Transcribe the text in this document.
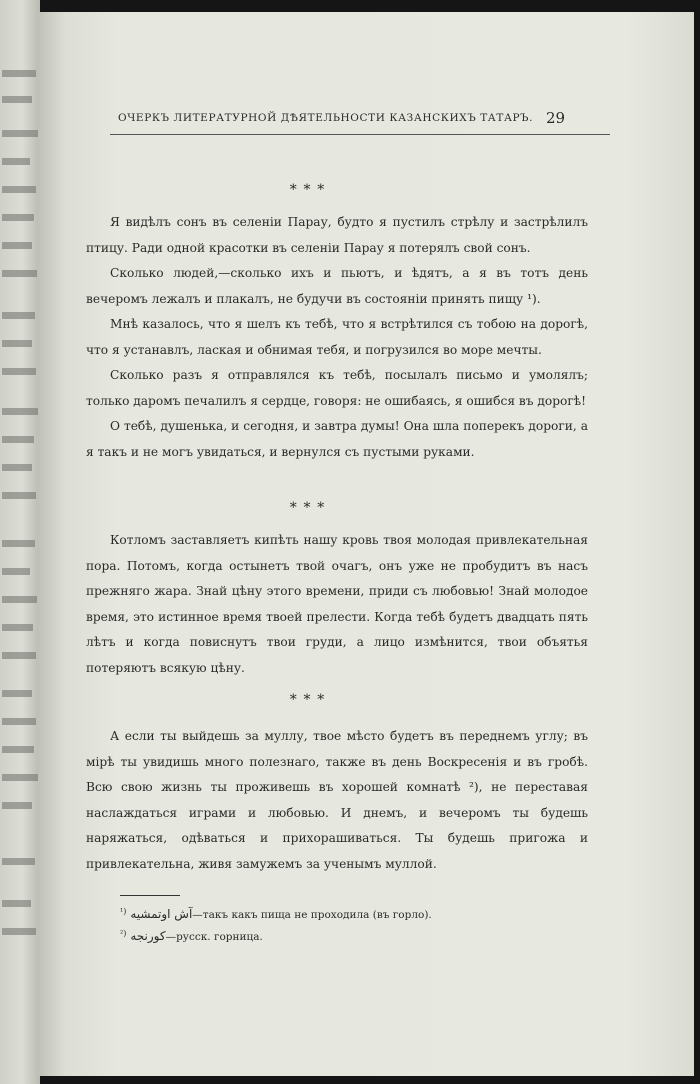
ОЧЕРКЪ ЛИТЕРАТУРНОЙ ДѢЯТЕЛЬНОСТИ КАЗАНСКИХЪ ТАТАРЪ. 29
* * *

Я видѣлъ сонъ въ селенiи Парау, будто я пустилъ стрѣлу и застрѣлилъ птицу. Ради одной красотки въ селенiи Парау я потерялъ свой сонъ.

Сколько людей,—сколько ихъ и пьютъ, и ѣдятъ, а я въ тотъ день вечеромъ лежалъ и плакалъ, не будучи въ состоянiи принять пищу ¹).

Мнѣ казалось, что я шелъ къ тебѣ, что я встрѣтился съ тобою на дорогѣ, что я устанавлъ, лаская и обнимая тебя, и погрузился во море мечты.

Сколько разъ я отправлялся къ тебѣ, посылалъ письмо и умолялъ; только даромъ печалилъ я сердце, говоря: не ошибаясь, я ошибся въ дорогѣ!

О тебѣ, душенька, и сегодня, и завтра думы! Она шла поперекъ дороги, а я такъ и не могъ увидаться, и вернулся съ пустыми руками.

* * *

Котломъ заставляетъ кипѣть нашу кровь твоя молодая привлекательная пора. Потомъ, когда остынетъ твой очагъ, онъ уже не пробудитъ въ насъ прежняго жара. Знай цѣну этого времени, приди съ любовью! Знай молодое время, это истинное время твоей прелести. Когда тебѣ будетъ двадцать пять лѣтъ и когда повиснутъ твои груди, а лицо измѣнится, твои объятья потеряютъ всякую цѣну.

* * *

А если ты выйдешь за муллу, твое мѣсто будетъ въ переднемъ углу; въ мiрѣ ты увидишь много полезнаго, также въ день Воскресенiя и въ гробѣ. Всю свою жизнь ты проживешь въ хорошей комнатѣ ²), не переставая наслаждаться играми и любовью. И днемъ, и вечеромъ ты будешь наряжаться, одѣваться и прихорашиваться. Ты будешь пригожа и привлекательна, живя замужемъ за ученымъ муллой.

$^{^1)}$ آش اوتمشيه—такъ какъ пища не проходила (въ горло).
$^{^2)}$ كورنجه—русск. горница.
